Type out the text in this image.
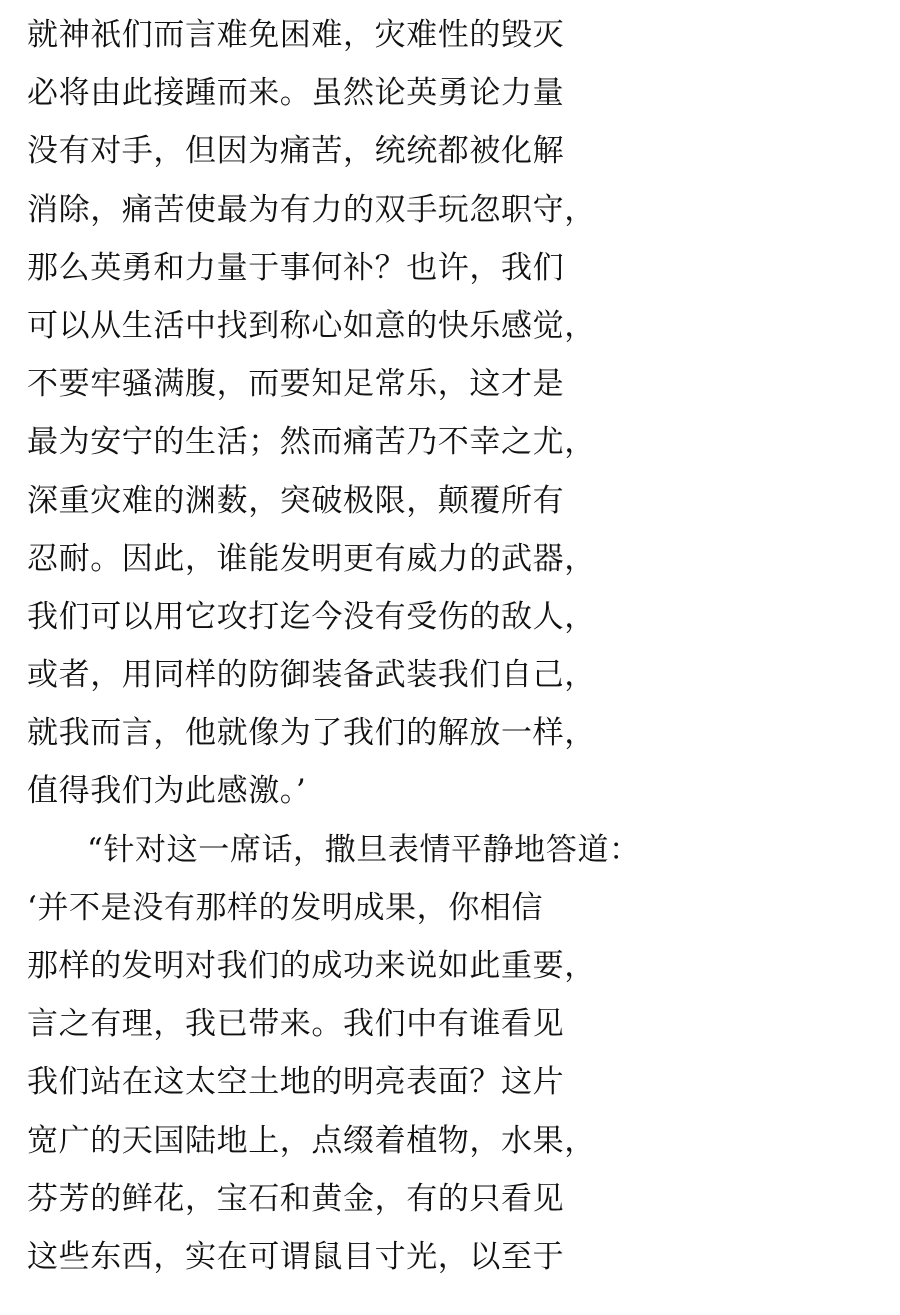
就神祇们而言难免困难，灾难性的毁灭
必将由此接踵而来。虽然论英勇论力量
没有对手，但因为痛苦，统统都被化解
消除，痛苦使最为有力的双手玩忽职守，
那么英勇和力量于事何补？也许，我们
可以从生活中找到称心如意的快乐感觉，
不要牢骚满腹，而要知足常乐，这才是
最为安宁的生活；然而痛苦乃不幸之尤，
深重灾难的渊薮，突破极限，颠覆所有
忍耐。因此，谁能发明更有威力的武器，
我们可以用它攻打迄今没有受伤的敌人，
或者，用同样的防御装备武装我们自己，
就我而言，他就像为了我们的解放一样，
值得我们为此感激。’
“针对这一席话，撒旦表情平静地答道：
‘并不是没有那样的发明成果，你相信
那样的发明对我们的成功来说如此重要，
言之有理，我已带来。我们中有谁看见
我们站在这太空土地的明亮表面？这片
宽广的天国陆地上，点缀着植物，水果，
芬芳的鲜花，宝石和黄金，有的只看见
这些东西，实在可谓鼠目寸光，以至于
